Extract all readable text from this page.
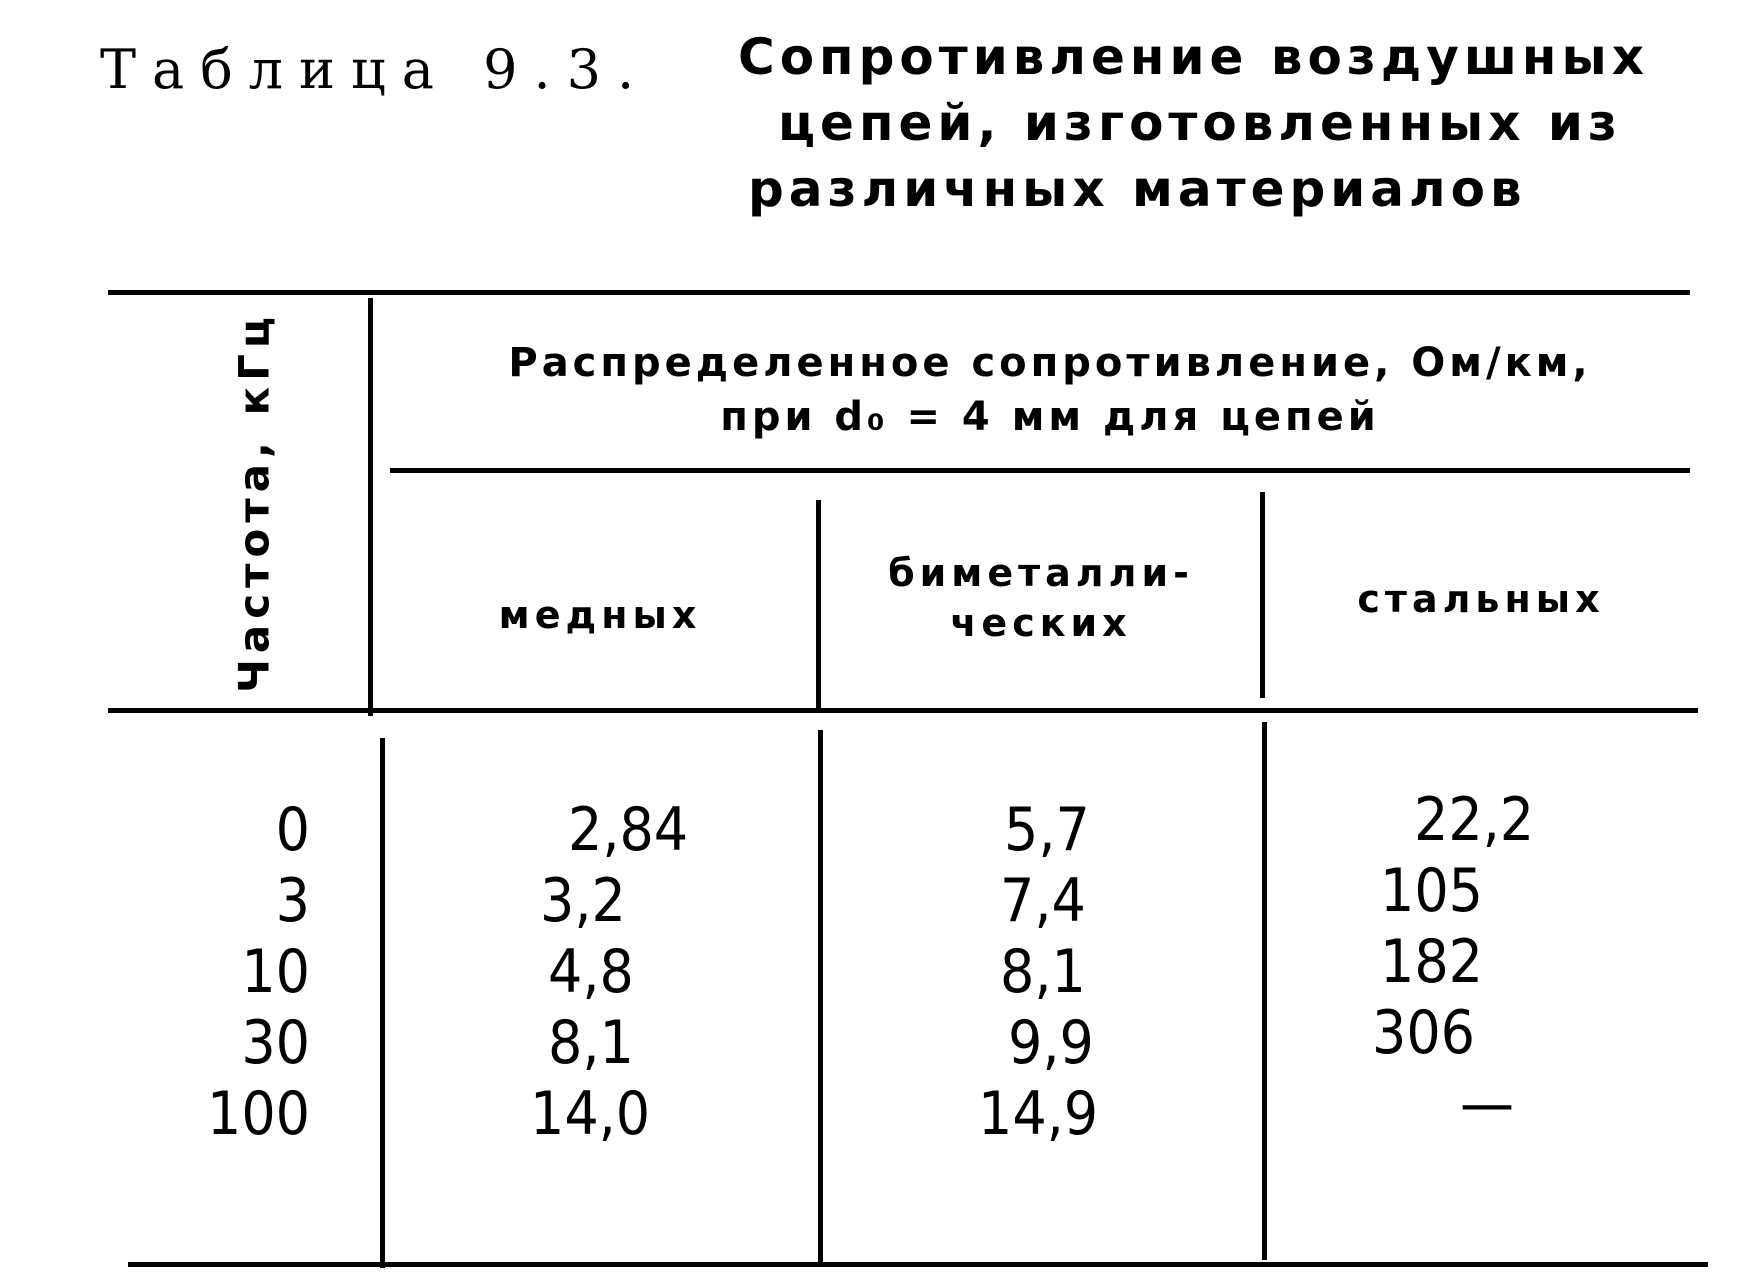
Таблица 9.3. Сопротивление воздушных
цепей, изготовленных из
различных материалов
Частота, кГц	Распределенное сопротивление, Ом/км,
при d₀ = 4 мм для цепей
медных
биметалли-
ческих
стальных
0
3
10
30
100
2,84
3,2
4,8
8,1
14,0
5,7
7,4
8,1
9,9
14,9
22,2
105
182
306
—
